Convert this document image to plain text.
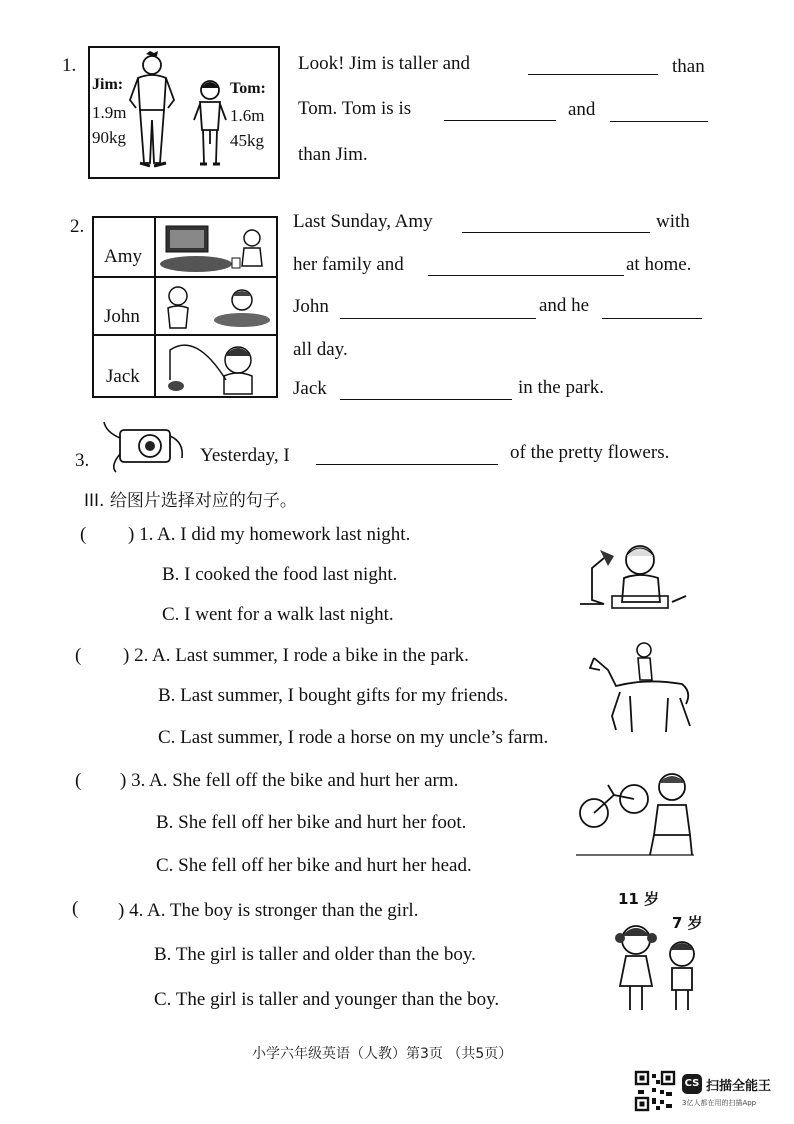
1.
Jim:
1.9m
90kg
Tom:
1.6m
45kg
Look! Jim is taller and	than
Tom. Tom is is	and
than Jim.
2.
Amy
John
Jack
Last Sunday, Amy	with
her family and	at home.
John	and he
all day.
Jack	in the park.
3.	Yesterday, I	of the pretty flowers.
III. 给图片选择对应的句子。
( ) 1. A. I did my homework last night.
B. I cooked the food last night.
C. I went for a walk last night.
( ) 2. A. Last summer, I rode a bike in the park.
B. Last summer, I bought gifts for my friends.
C. Last summer, I rode a horse on my uncle’s farm.
( ) 3. A. She fell off the bike and hurt her arm.
B. She fell off her bike and hurt her foot.
C. She fell off her bike and hurt her head.
( ) 4. A. The boy is stronger than the girl.
B. The girl is taller and older than the boy.
C. The girl is taller and younger than the boy.
11 岁
7 岁
小学六年级英语（人教）第3页 （共5页）
CS 扫描全能王
3亿人都在用的扫描App
